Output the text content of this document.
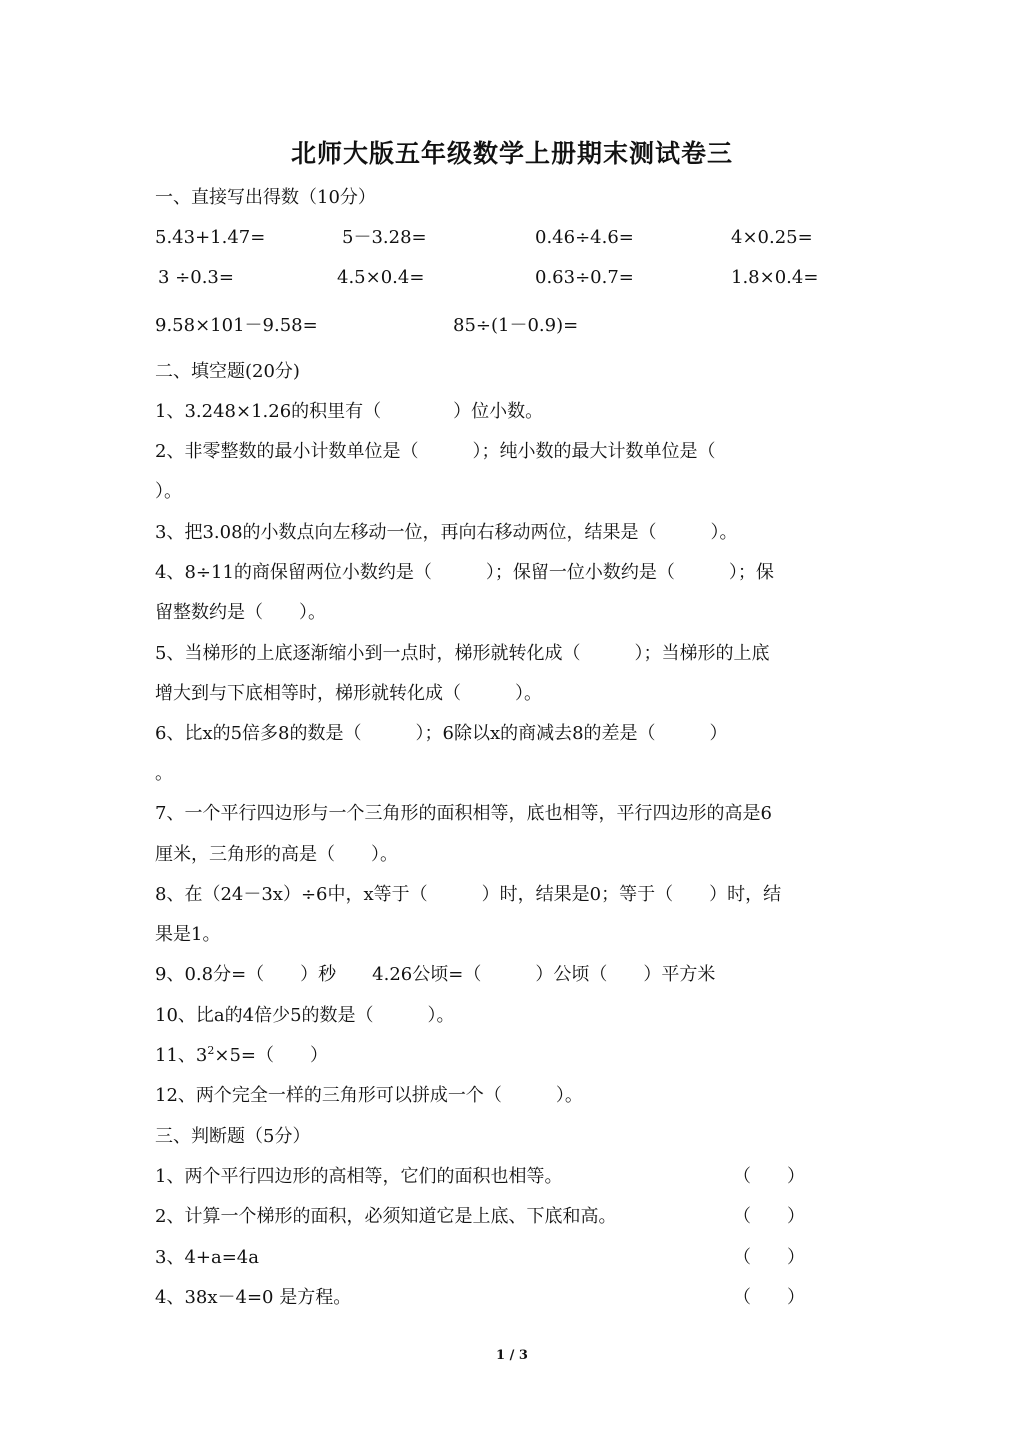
北师大版五年级数学上册期末测试卷三
一、直接写出得数（10分）
5.43+1.47=	5－3.28=	0.46÷4.6=	4×0.25=
3 ÷0.3=	4.5×0.4=	0.63÷0.7=	1.8×0.4=
9.58×101－9.58=	85÷(1－0.9)=
二、填空题(20分)
1、3.248×1.26的积里有（　　　　）位小数。
2、非零整数的最小计数单位是（　　　）；纯小数的最大计数单位是（
）。
3、把3.08的小数点向左移动一位，再向右移动两位，结果是（　　　）。
4、8÷11的商保留两位小数约是（　　　）；保留一位小数约是（　　　）；保
留整数约是（　　）。
5、当梯形的上底逐渐缩小到一点时，梯形就转化成（　　　）；当梯形的上底
增大到与下底相等时，梯形就转化成（　　　）。
6、比x的5倍多8的数是（　　　）；6除以x的商减去8的差是（　　　）
。
7、一个平行四边形与一个三角形的面积相等，底也相等，平行四边形的高是6
厘米，三角形的高是（　　）。
8、在（24－3x）÷6中，x等于（　　　）时，结果是0；等于（　　）时，结
果是1。
9、0.8分=（　　）秒　　4.26公顷=（　　　）公顷（　　）平方米
10、比a的4倍少5的数是（　　　）。
11、$3^2\times 5=$（　　）
12、两个完全一样的三角形可以拼成一个（　　　）。
三、判断题（5分）
1、两个平行四边形的高相等，它们的面积也相等。	（　　）
2、计算一个梯形的面积，必须知道它是上底、下底和高。	（　　）
3、4+a=4a	（　　）
4、38x－4=0 是方程。	（　　）
1 / 3
